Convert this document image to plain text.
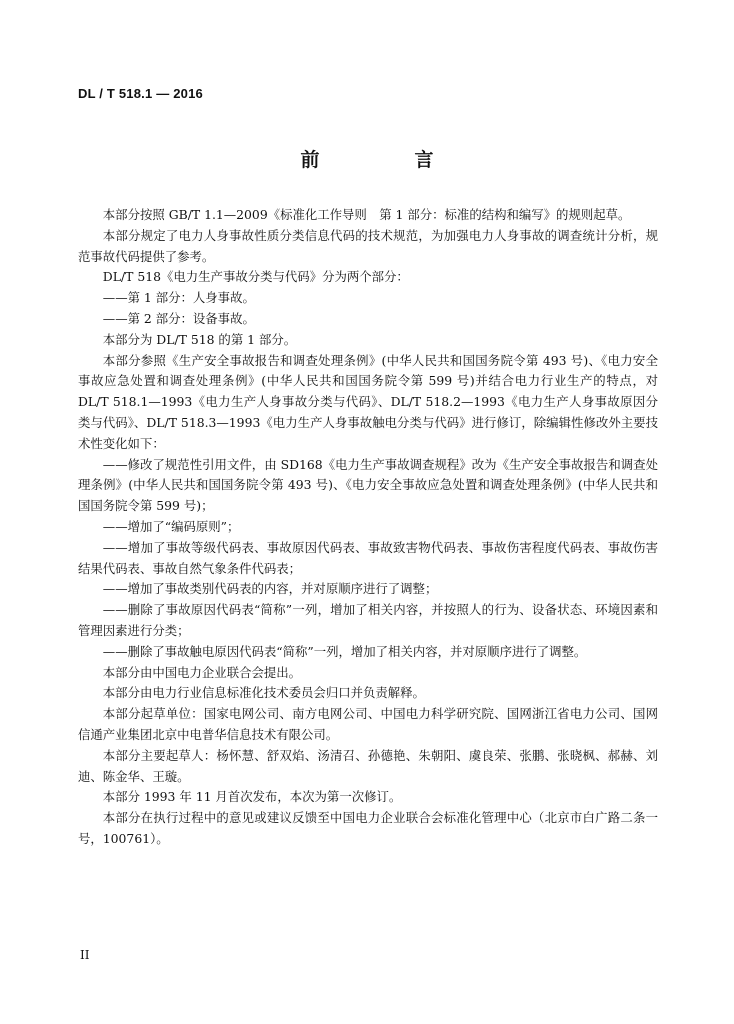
DL / T 518.1 — 2016
前　言

本部分按照 GB/T 1.1—2009《标准化工作导则　第 1 部分：标准的结构和编写》的规则起草。

本部分规定了电力人身事故性质分类信息代码的技术规范，为加强电力人身事故的调查统计分析，规范事故代码提供了参考。

DL/T 518《电力生产事故分类与代码》分为两个部分：

——第 1 部分：人身事故。

——第 2 部分：设备事故。

本部分为 DL/T 518 的第 1 部分。

本部分参照《生产安全事故报告和调查处理条例》(中华人民共和国国务院令第 493 号)、《电力安全事故应急处置和调查处理条例》(中华人民共和国国务院令第 599 号)并结合电力行业生产的特点，对 DL/T 518.1—1993《电力生产人身事故分类与代码》、DL/T 518.2—1993《电力生产人身事故原因分类与代码》、DL/T 518.3—1993《电力生产人身事故触电分类与代码》进行修订，除编辑性修改外主要技术性变化如下：

——修改了规范性引用文件，由 SD168《电力生产事故调查规程》改为《生产安全事故报告和调查处理条例》(中华人民共和国国务院令第 493 号)、《电力安全事故应急处置和调查处理条例》(中华人民共和国国务院令第 599 号)；

——增加了“编码原则”；

——增加了事故等级代码表、事故原因代码表、事故致害物代码表、事故伤害程度代码表、事故伤害结果代码表、事故自然气象条件代码表；

——增加了事故类别代码表的内容，并对原顺序进行了调整；

——删除了事故原因代码表“简称”一列，增加了相关内容，并按照人的行为、设备状态、环境因素和管理因素进行分类；

——删除了事故触电原因代码表“简称”一列，增加了相关内容，并对原顺序进行了调整。

本部分由中国电力企业联合会提出。

本部分由电力行业信息标准化技术委员会归口并负责解释。

本部分起草单位：国家电网公司、南方电网公司、中国电力科学研究院、国网浙江省电力公司、国网信通产业集团北京中电普华信息技术有限公司。

本部分主要起草人：杨怀慧、舒双焰、汤清召、孙德艳、朱朝阳、虞良荣、张鹏、张晓枫、郝赫、刘迪、陈金华、王璇。

本部分 1993 年 11 月首次发布，本次为第一次修订。

本部分在执行过程中的意见或建议反馈至中国电力企业联合会标准化管理中心（北京市白广路二条一号，100761）。

II
